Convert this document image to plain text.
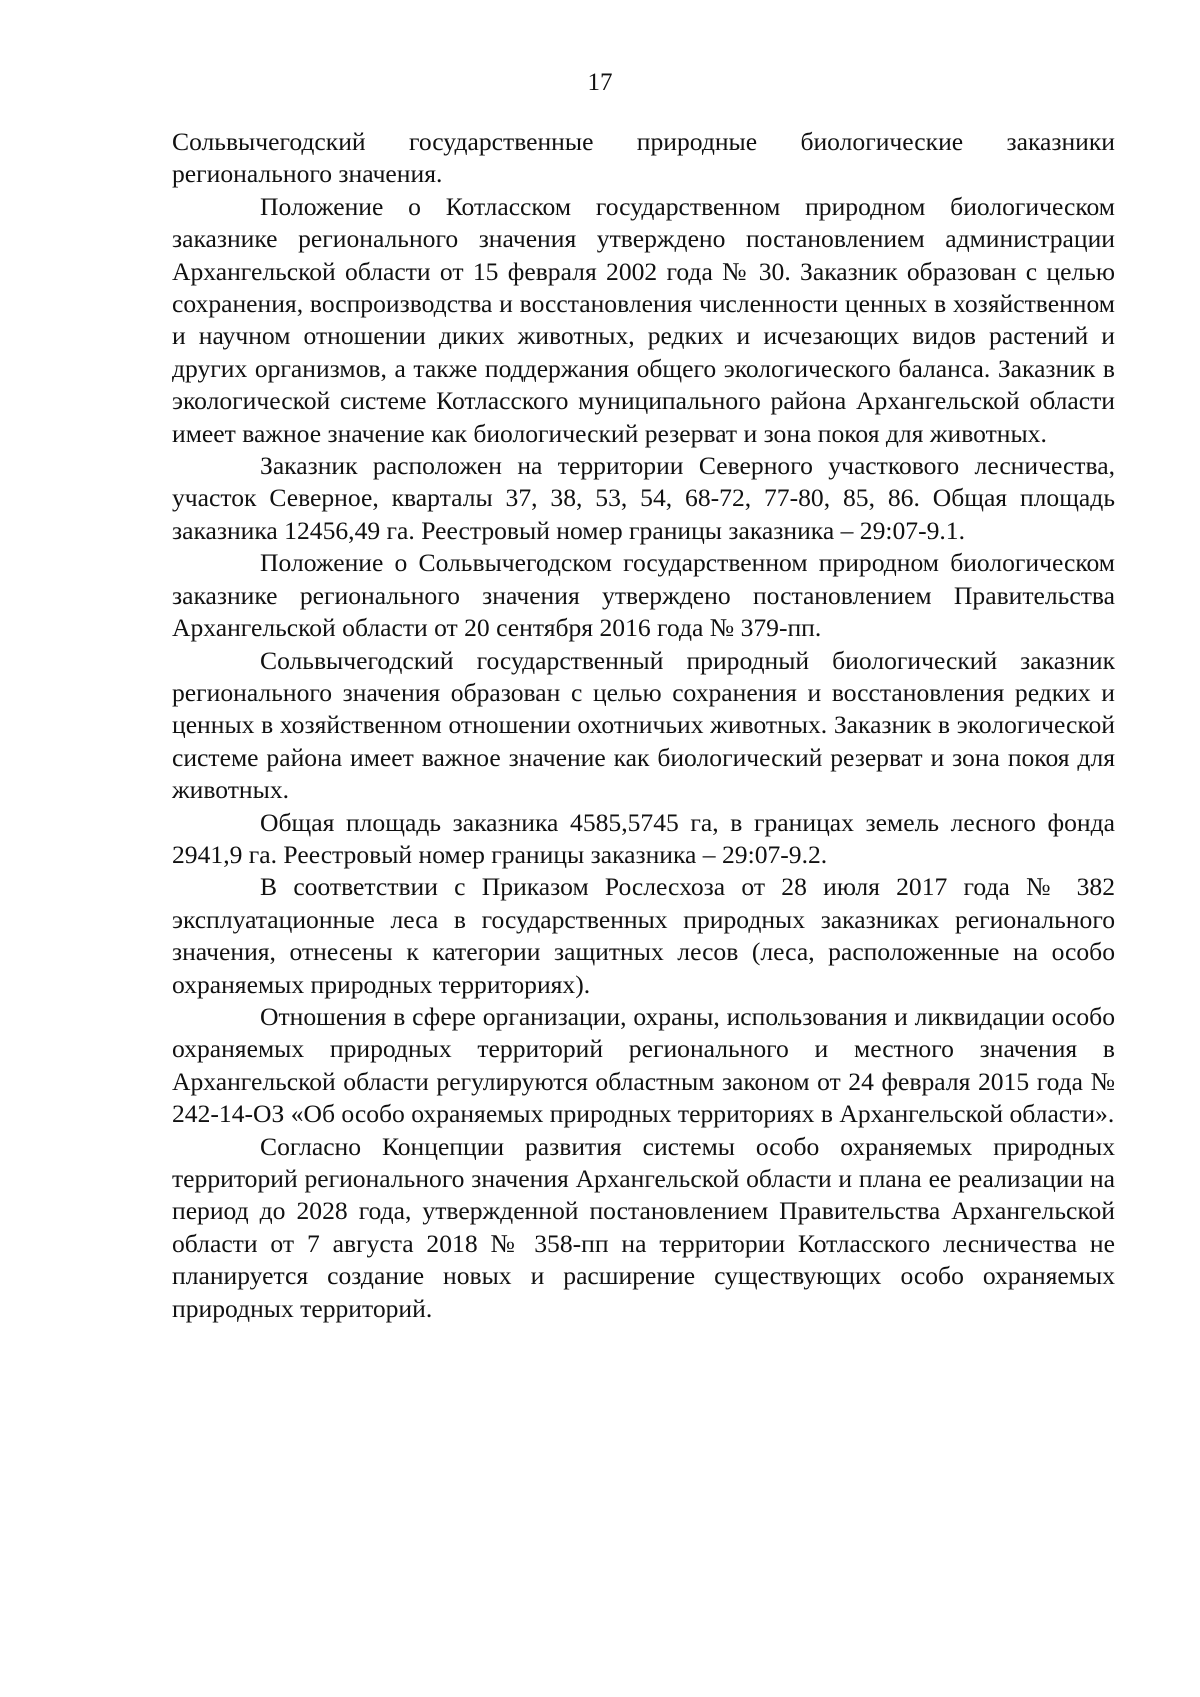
17

Сольвычегодский государственные природные биологические заказники регионального значения.

Положение о Котласском государственном природном биологическом заказнике регионального значения утверждено постановлением администрации Архангельской области от 15 февраля 2002 года № 30. Заказник образован с целью сохранения, воспроизводства и восстановления численности ценных в хозяйственном и научном отношении диких животных, редких и исчезающих видов растений и других организмов, а также поддержания общего экологического баланса. Заказник в экологической системе Котласского муниципального района Архангельской области имеет важное значение как биологический резерват и зона покоя для животных.

Заказник расположен на территории Северного участкового лесничества, участок Северное, кварталы 37, 38, 53, 54, 68-72, 77-80, 85, 86. Общая площадь заказника 12456,49 га. Реестровый номер границы заказника – 29:07-9.1.

Положение о Сольвычегодском государственном природном биологическом заказнике регионального значения утверждено постановлением Правительства Архангельской области от 20 сентября 2016 года № 379-пп.

Сольвычегодский государственный природный биологический заказник регионального значения образован с целью сохранения и восстановления редких и ценных в хозяйственном отношении охотничьих животных. Заказник в экологической системе района имеет важное значение как биологический резерват и зона покоя для животных.

Общая площадь заказника 4585,5745 га, в границах земель лесного фонда 2941,9 га. Реестровый номер границы заказника – 29:07-9.2.

В соответствии с Приказом Рослесхоза от 28 июля 2017 года № 382 эксплуатационные леса в государственных природных заказниках регионального значения, отнесены к категории защитных лесов (леса, расположенные на особо охраняемых природных территориях).

Отношения в сфере организации, охраны, использования и ликвидации особо охраняемых природных территорий регионального и местного значения в Архангельской области регулируются областным законом от 24 февраля 2015 года № 242-14-ОЗ «Об особо охраняемых природных территориях в Архангельской области».

Согласно Концепции развития системы особо охраняемых природных территорий регионального значения Архангельской области и плана ее реализации на период до 2028 года, утвержденной постановлением Правительства Архангельской области от 7 августа 2018 № 358-пп на территории Котласского лесничества не планируется создание новых и расширение существующих особо охраняемых природных территорий.
